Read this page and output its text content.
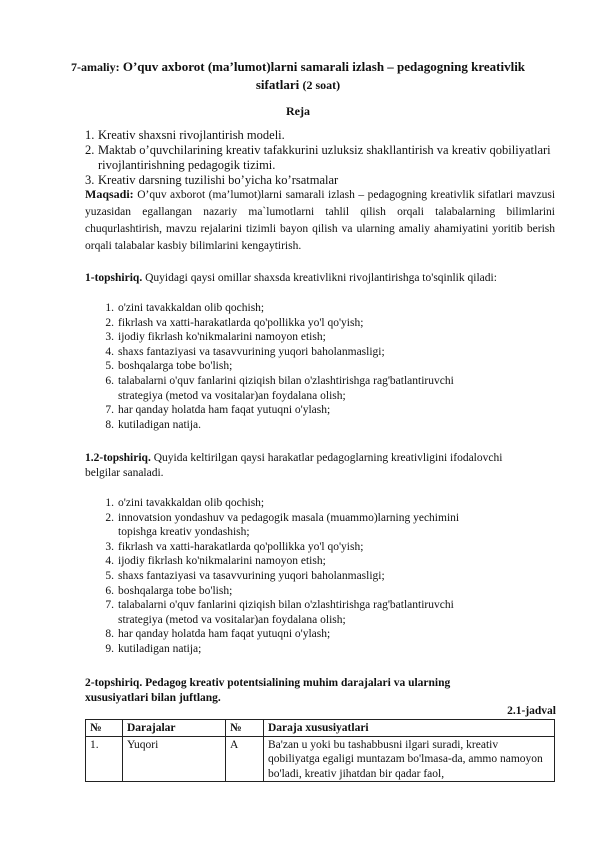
7-amaliy: O’quv axborot (ma’lumot)larni samarali izlash – pedagogning kreativlik sifatlari (2 soat)
Reja
1. Kreativ shaxsni rivojlantirish modeli.
2. Maktab o’quvchilarining kreativ tafakkurini uzluksiz shakllantirish va kreativ qobiliyatlari rivojlantirishning pedagogik tizimi.
3. Kreativ darsning tuzilishi bo’yicha ko’rsatmalar
Maqsadi: O’quv axborot (ma’lumot)larni samarali izlash – pedagogning kreativlik sifatlari mavzusi yuzasidan egallangan nazariy ma`lumotlarni tahlil qilish orqali talabalarning bilimlarini chuqurlashtirish, mavzu rejalarini tizimli bayon qilish va ularning amaliy ahamiyatini yoritib berish orqali talabalar kasbiy bilimlarini kengaytirish.
1-topshiriq. Quyidagi qaysi omillar shaxsda kreativlikni rivojlantirishga to'sqinlik qiladi:
1. o'zini tavakkaldan olib qochish;
2. fikrlash va xatti-harakatlarda qo'pollikka yo'l qo'yish;
3. ijodiy fikrlash ko'nikmalarini namoyon etish;
4. shaxs fantaziyasi va tasavvurining yuqori baholanmasligi;
5. boshqalarga tobe bo'lish;
6. talabalarni o'quv fanlarini qiziqish bilan o'zlashtirishga rag'batlantiruvchi strategiya (metod va vositalar)an foydalana olish;
7. har qanday holatda ham faqat yutuqni o'ylash;
8. kutiladigan natija.
1.2-topshiriq. Quyida keltirilgan qaysi harakatlar pedagoglarning kreativligini ifodalovchi belgilar sanaladi.
1. o'zini tavakkaldan olib qochish;
2. innovatsion yondashuv va pedagogik masala (muammo)larning yechimini topishga kreativ yondashish;
3. fikrlash va xatti-harakatlarda qo'pollikka yo'l qo'yish;
4. ijodiy fikrlash ko'nikmalarini namoyon etish;
5. shaxs fantaziyasi va tasavvurining yuqori baholanmasligi;
6. boshqalarga tobe bo'lish;
7. talabalarni o'quv fanlarini qiziqish bilan o'zlashtirishga rag'batlantiruvchi strategiya (metod va vositalar)an foydalana olish;
8. har qanday holatda ham faqat yutuqni o'ylash;
9. kutiladigan natija;
2-topshiriq. Pedagog kreativ potentsialining muhim darajalari va ularning xususiyatlari bilan juftlang.
2.1-jadval
№	Darajalar	№	Daraja xususiyatlari
1.	Yuqori	A	Ba'zan u yoki bu tashabbusni ilgari suradi, kreativ qobiliyatga egaligi muntazam bo'lmasa-da, ammo namoyon bo'ladi, kreativ jihatdan bir qadar faol,
